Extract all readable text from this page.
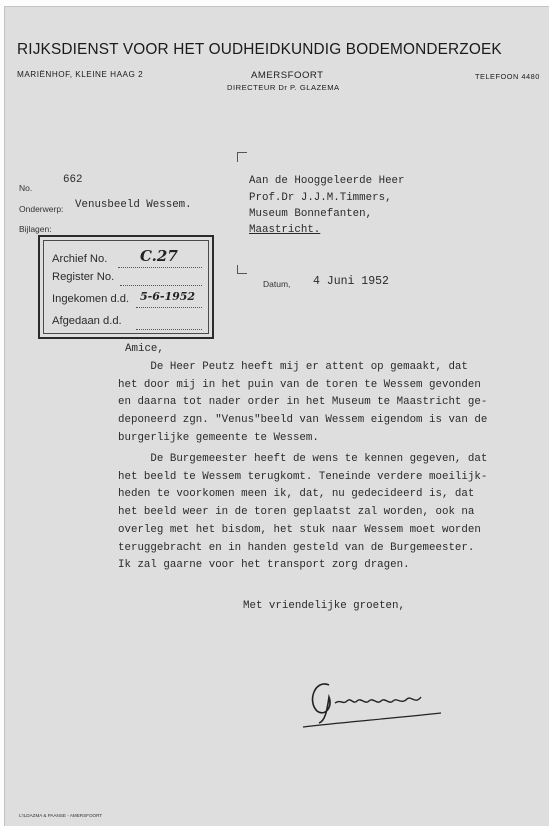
RIJKSDIENST VOOR HET OUDHEIDKUNDIG BODEMONDERZOEK
MARIËNHOF, KLEINE HAAG 2	AMERSFOORT
DIRECTEUR Dr P. GLAZEMA
TELEFOON 4480
No.
662
Onderwerp: Venusbeeld Wessem.
Bijlagen:
Aan de Hooggeleerde Heer
Prof.Dr J.J.M.Timmers,
Museum Bonnefanten,
Maastricht.
Archief No. C.27
Register No.
Ingekomen d.d. 5-6-1952
Afgedaan d.d.
Datum, 4 Juni 1952
Amice,
De Heer Peutz heeft mij er attent op gemaakt, dat
het door mij in het puin van de toren te Wessem gevonden
en daarna tot nader order in het Museum te Maastricht ge-
deponeerd zgn. "Venus"beeld van Wessem eigendom is van de
burgerlijke gemeente te Wessem.
De Burgemeester heeft de wens te kennen gegeven, dat
het beeld te Wessem terugkomt. Teneinde verdere moeilijk-
heden te voorkomen meen ik, dat, nu gedecideerd is, dat
het beeld weer in de toren geplaatst zal worden, ook na
overleg met het bisdom, het stuk naar Wessem moet worden
teruggebracht en in handen gesteld van de Burgemeester.
Ik zal gaarne voor het transport zorg dragen.
Met vriendelijke groeten,
L'ILDAZMA & PAANSE - AMERSFOORT
